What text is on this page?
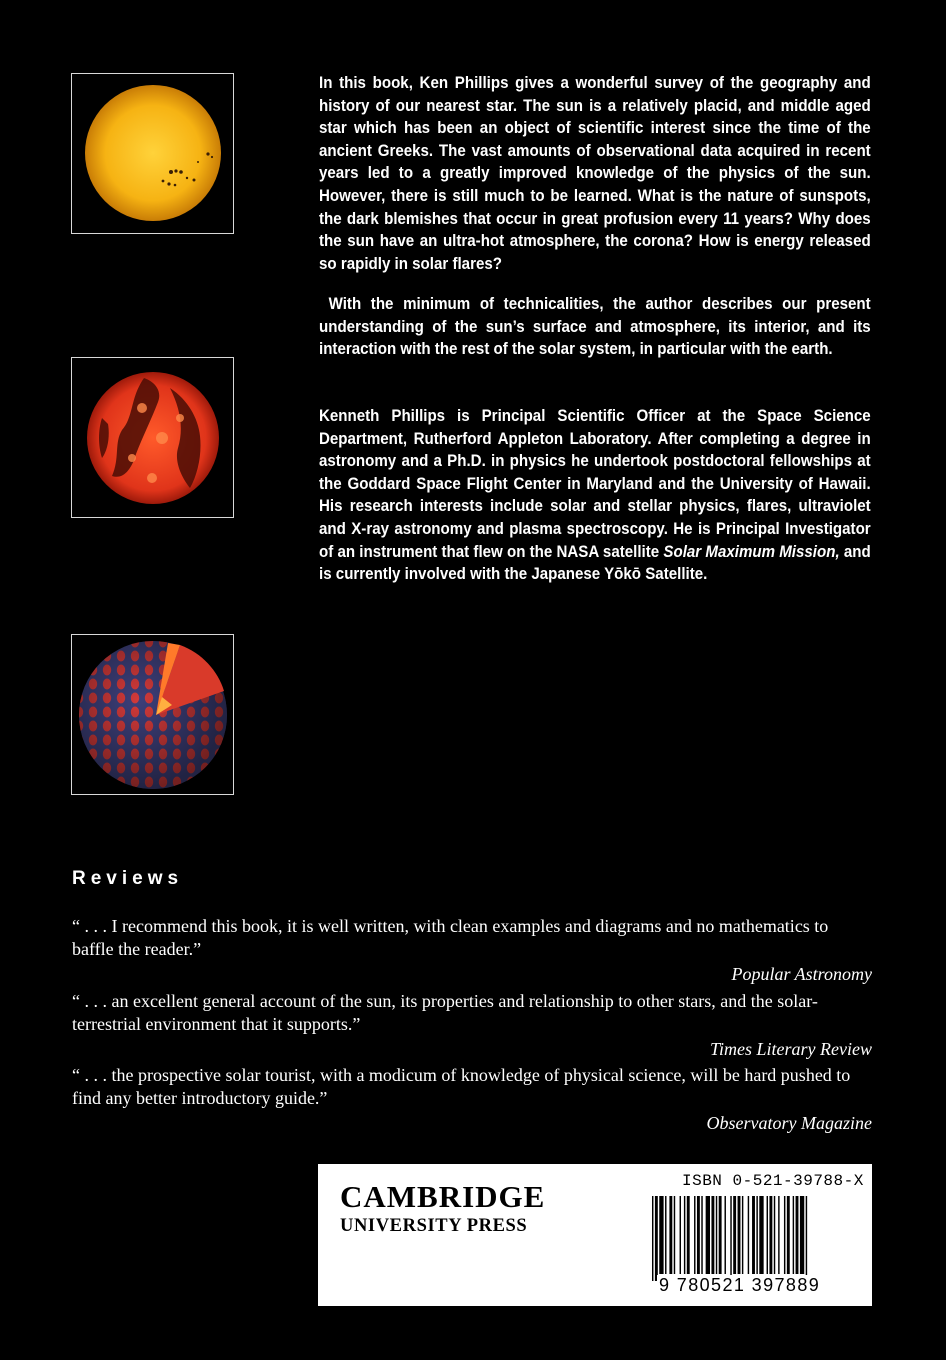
In this book, Ken Phillips gives a wonderful survey of the geography and history of our nearest star. The sun is a relatively placid, and middle aged star which has been an object of scientific interest since the time of the ancient Greeks. The vast amounts of observational data acquired in recent years led to a greatly improved knowledge of the physics of the sun. However, there is still much to be learned. What is the nature of sunspots, the dark blemishes that occur in great profusion every 11 years? Why does the sun have an ultra-hot atmosphere, the corona? How is energy released so rapidly in solar flares?

With the minimum of technicalities, the author describes our present understanding of the sun’s surface and atmosphere, its interior, and its interaction with the rest of the solar system, in particular with the earth.

Kenneth Phillips is Principal Scientific Officer at the Space Science Department, Rutherford Appleton Laboratory. After completing a degree in astronomy and a Ph.D. in physics he undertook postdoctoral fellowships at the Goddard Space Flight Center in Maryland and the University of Hawaii. His research interests include solar and stellar physics, flares, ultraviolet and X-ray astronomy and plasma spectroscopy. He is Principal Investigator of an instrument that flew on the NASA satellite Solar Maximum Mission, and is currently involved with the Japanese Yōkō Satellite.

Reviews

“ . . . I recommend this book, it is well written, with clean examples and diagrams and no mathematics to baffle the reader.”

Popular Astronomy

“ . . . an excellent general account of the sun, its properties and relationship to other stars, and the solar-terrestrial environment that it supports.”

Times Literary Review

“ . . . the prospective solar tourist, with a modicum of knowledge of physical science, will be hard pushed to find any better introductory guide.”

Observatory Magazine

CAMBRIDGE
UNIVERSITY PRESS
ISBN 0-521-39788-X
9 780521 397889
